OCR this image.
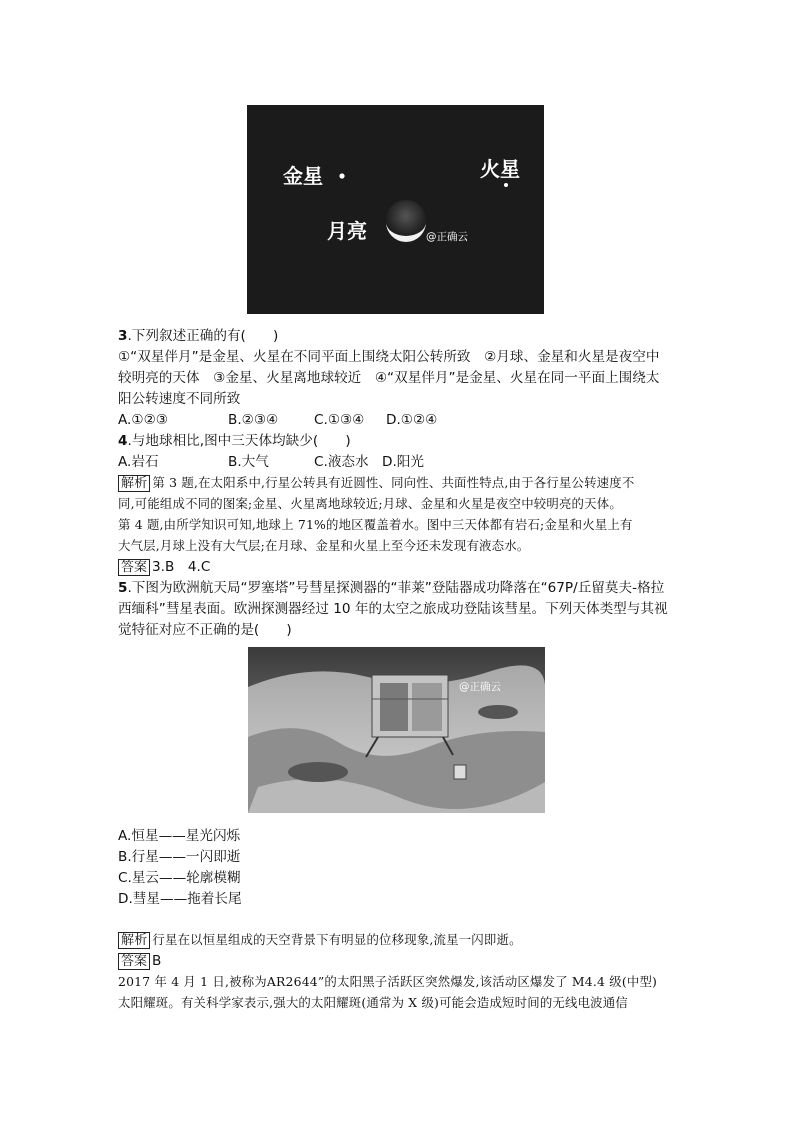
金星	火星
月亮	@正确云
3.下列叙述正确的有(　　)
①“双星伴月”是金星、火星在不同平面上围绕太阳公转所致　②月球、金星和火星是夜空中
较明亮的天体　③金星、火星离地球较近　④“双星伴月”是金星、火星在同一平面上围绕太
阳公转速度不同所致
A.①②③	B.②③④	C.①③④ D.①②④
4.与地球相比,图中三天体均缺少(　　)
A.岩石	B.大气	C.液态水 D.阳光
解析 第 3 题,在太阳系中,行星公转具有近圆性、同向性、共面性特点,由于各行星公转速度不
同,可能组成不同的图案;金星、火星离地球较近;月球、金星和火星是夜空中较明亮的天体。
第 4 题,由所学知识可知,地球上 71%的地区覆盖着水。图中三天体都有岩石;金星和火星上有
大气层,月球上没有大气层;在月球、金星和火星上至今还未发现有液态水。
答案 3.B　4.C
5.下图为欧洲航天局“罗塞塔”号彗星探测器的“菲莱”登陆器成功降落在“67P/丘留莫夫-格拉
西缅科”彗星表面。欧洲探测器经过 10 年的太空之旅成功登陆该彗星。下列天体类型与其视
觉特征对应不正确的是(　　)
@正确云
A.恒星——星光闪烁
B.行星——一闪即逝
C.星云——轮廓模糊
D.彗星——拖着长尾
解析 行星在以恒星组成的天空背景下有明显的位移现象,流星一闪即逝。
答案 B
2017 年 4 月 1 日,被称为AR2644”的太阳黑子活跃区突然爆发,该活动区爆发了 M4.4 级(中型)
太阳耀斑。有关科学家表示,强大的太阳耀斑(通常为 X 级)可能会造成短时间的无线电波通信
